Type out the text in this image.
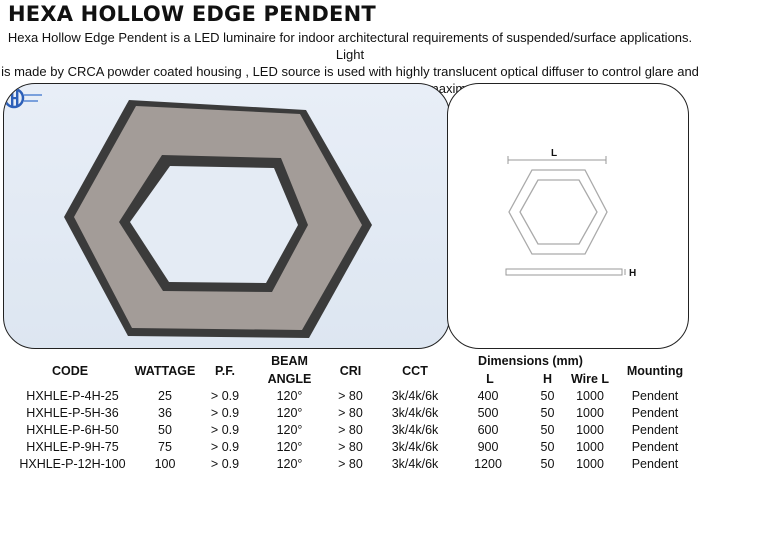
HEXA HOLLOW EDGE PENDENT
Hexa Hollow Edge Pendent is a LED luminaire for indoor architectural requirements of suspended/surface applications. Light
is made by CRCA powder coated housing , LED source is used with highly translucent optical diffuser to control glare and
maximum
L
H
CODE	WATTAGE	P.F.
BEAM
ANGLE
CRI	CCT
Dimensions (mm)
L	H	Wire L
Mounting
HXHLE-P-4H-25	25	> 0.9	120°	> 80	3k/4k/6k	400	50	1000	Pendent
HXHLE-P-5H-36	36	> 0.9	120°	> 80	3k/4k/6k	500	50	1000	Pendent
HXHLE-P-6H-50	50	> 0.9	120°	> 80	3k/4k/6k	600	50	1000	Pendent
HXHLE-P-9H-75	75	> 0.9	120°	> 80	3k/4k/6k	900	50	1000	Pendent
HXHLE-P-12H-100	100	> 0.9	120°	> 80	3k/4k/6k	1200	50	1000	Pendent
